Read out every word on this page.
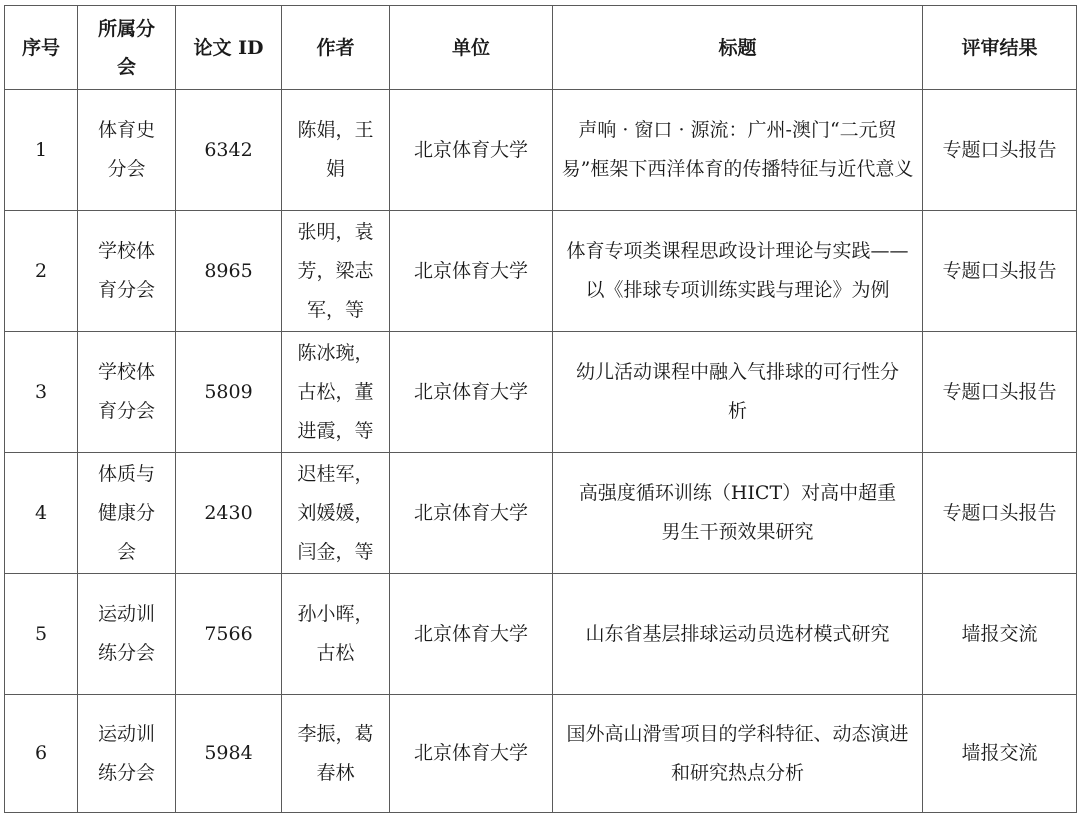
序号	所属分会	论文 ID	作者	单位	标题	评审结果
1	体育史分会	6342	陈娟，王娟	北京体育大学	声响 · 窗口 · 源流：广州-澳门“二元贸易”框架下西洋体育的传播特征与近代意义	专题口头报告
2	学校体育分会	8965	张明，袁芳，梁志军，等	北京体育大学	体育专项类课程思政设计理论与实践——以《排球专项训练实践与理论》为例	专题口头报告
3	学校体育分会	5809	陈冰琬，古松，董进霞，等	北京体育大学	幼儿活动课程中融入气排球的可行性分析	专题口头报告
4	体质与健康分会	2430	迟桂军，刘媛媛，闫金，等	北京体育大学	高强度循环训练（HICT）对高中超重男生干预效果研究	专题口头报告
5	运动训练分会	7566	孙小晖，古松	北京体育大学	山东省基层排球运动员选材模式研究	墙报交流
6	运动训练分会	5984	李振，葛春林	北京体育大学	国外高山滑雪项目的学科特征、动态演进 和研究热点分析	墙报交流
